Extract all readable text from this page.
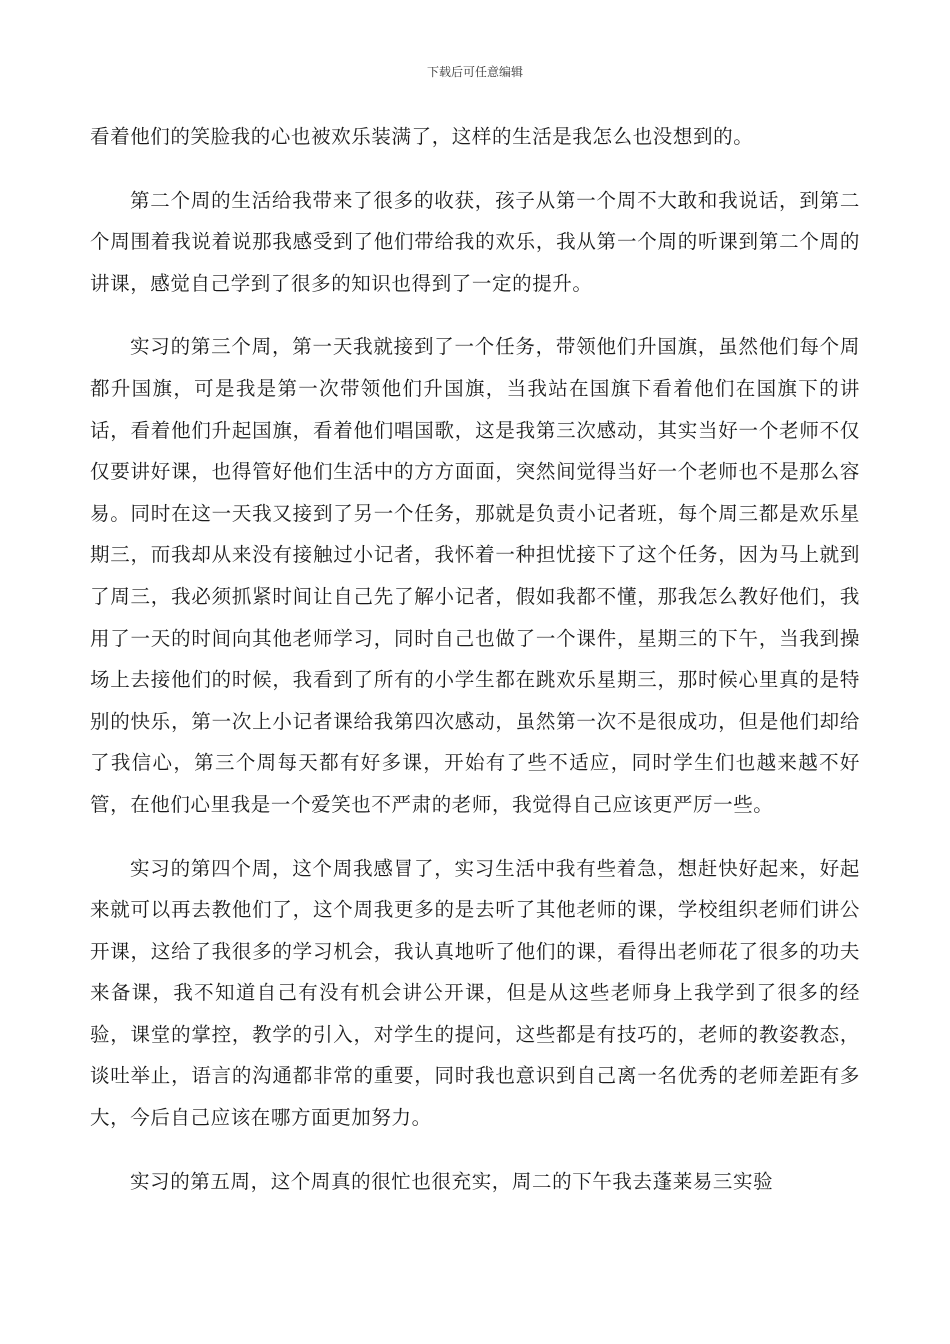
下载后可任意编辑

看着他们的笑脸我的心也被欢乐装满了，这样的生活是我怎么也没想到的。

第二个周的生活给我带来了很多的收获，孩子从第一个周不大敢和我说话，到第二个周围着我说着说那我感受到了他们带给我的欢乐，我从第一个周的听课到第二个周的讲课，感觉自己学到了很多的知识也得到了一定的提升。

实习的第三个周，第一天我就接到了一个任务，带领他们升国旗，虽然他们每个周都升国旗，可是我是第一次带领他们升国旗，当我站在国旗下看着他们在国旗下的讲话，看着他们升起国旗，看着他们唱国歌，这是我第三次感动，其实当好一个老师不仅仅要讲好课，也得管好他们生活中的方方面面，突然间觉得当好一个老师也不是那么容易。同时在这一天我又接到了另一个任务，那就是负责小记者班，每个周三都是欢乐星期三，而我却从来没有接触过小记者，我怀着一种担忧接下了这个任务，因为马上就到了周三，我必须抓紧时间让自己先了解小记者，假如我都不懂，那我怎么教好他们，我用了一天的时间向其他老师学习，同时自己也做了一个课件，星期三的下午，当我到操场上去接他们的时候，我看到了所有的小学生都在跳欢乐星期三，那时候心里真的是特别的快乐，第一次上小记者课给我第四次感动，虽然第一次不是很成功，但是他们却给了我信心，第三个周每天都有好多课，开始有了些不适应，同时学生们也越来越不好管，在他们心里我是一个爱笑也不严肃的老师，我觉得自己应该更严厉一些。

实习的第四个周，这个周我感冒了，实习生活中我有些着急，想赶快好起来，好起来就可以再去教他们了，这个周我更多的是去听了其他老师的课，学校组织老师们讲公开课，这给了我很多的学习机会，我认真地听了他们的课，看得出老师花了很多的功夫来备课，我不知道自己有没有机会讲公开课，但是从这些老师身上我学到了很多的经验，课堂的掌控，教学的引入，对学生的提问，这些都是有技巧的，老师的教姿教态，谈吐举止，语言的沟通都非常的重要，同时我也意识到自己离一名优秀的老师差距有多大，今后自己应该在哪方面更加努力。

实习的第五周，这个周真的很忙也很充实，周二的下午我去蓬莱易三实验
